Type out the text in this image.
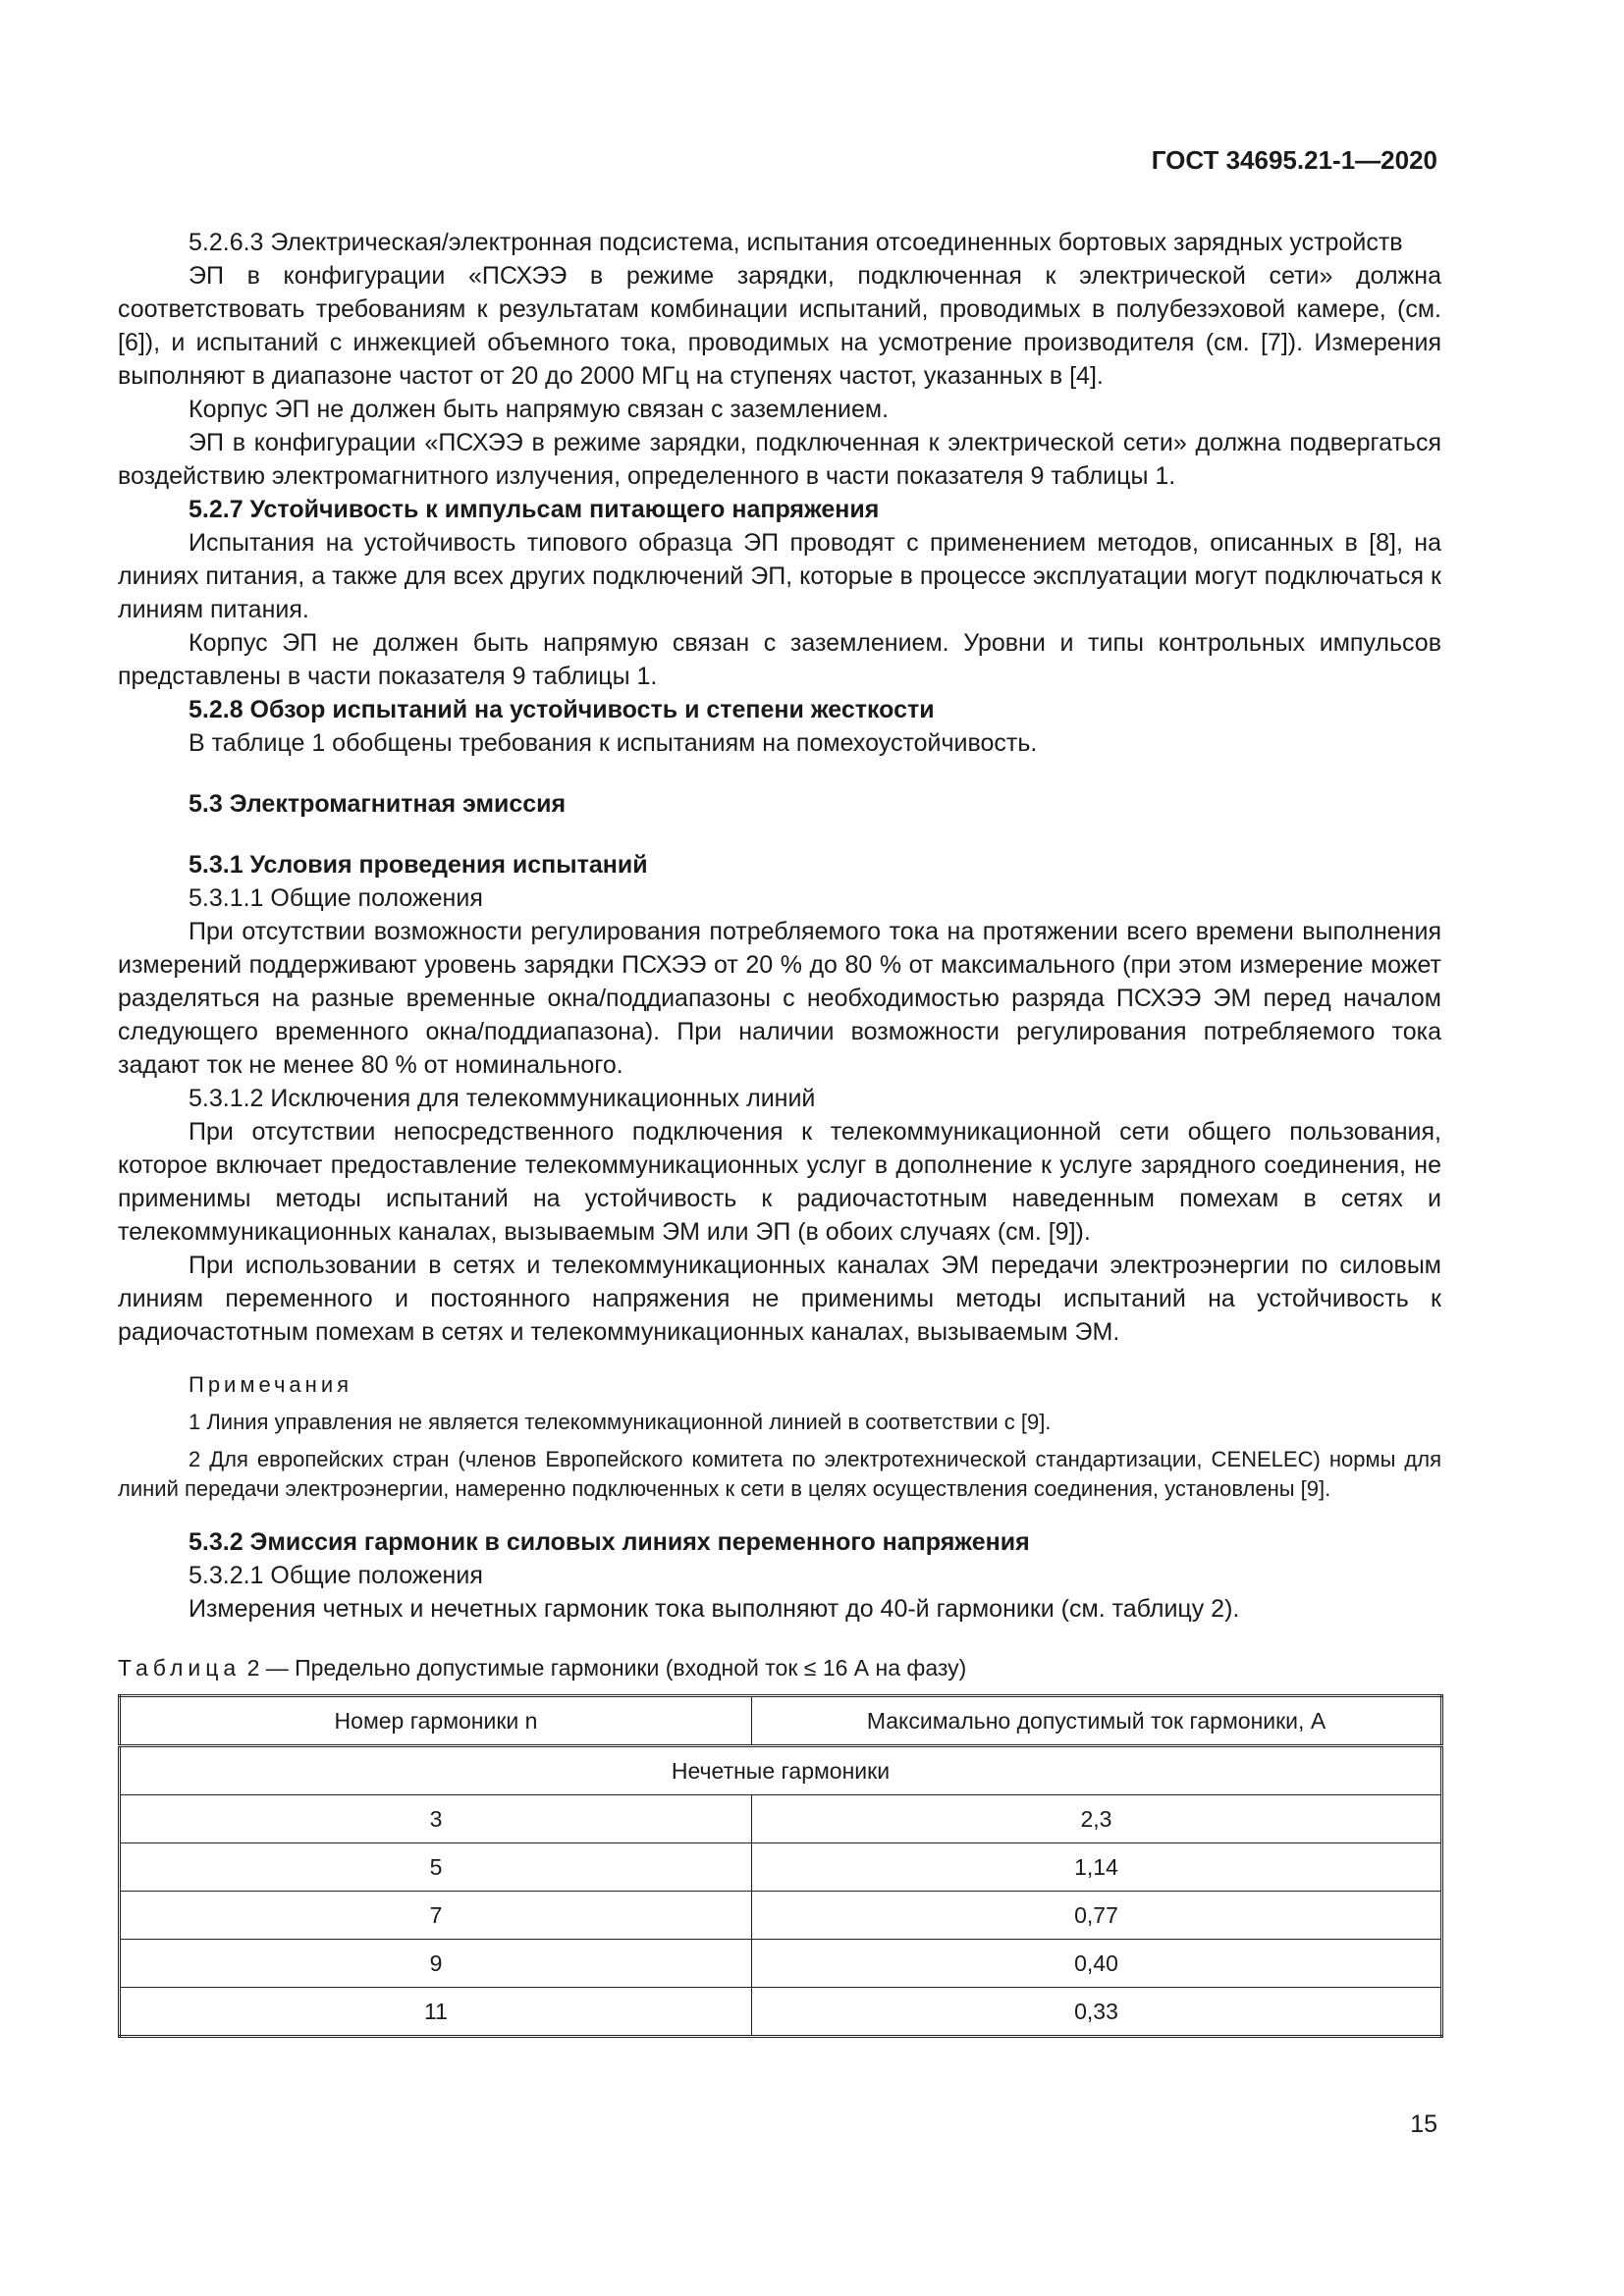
ГОСТ 34695.21-1—2020

5.2.6.3 Электрическая/электронная подсистема, испытания отсоединенных бортовых зарядных устройств

ЭП в конфигурации «ПСХЭЭ в режиме зарядки, подключенная к электрической сети» должна соответствовать требованиям к результатам комбинации испытаний, проводимых в полубезэховой камере, (см. [6]), и испытаний с инжекцией объемного тока, проводимых на усмотрение производителя (см. [7]). Измерения выполняют в диапазоне частот от 20 до 2000 МГц на ступенях частот, указанных в [4].

Корпус ЭП не должен быть напрямую связан с заземлением.

ЭП в конфигурации «ПСХЭЭ в режиме зарядки, подключенная к электрической сети» должна подвергаться воздействию электромагнитного излучения, определенного в части показателя 9 таблицы 1.

5.2.7 Устойчивость к импульсам питающего напряжения

Испытания на устойчивость типового образца ЭП проводят с применением методов, описанных в [8], на линиях питания, а также для всех других подключений ЭП, которые в процессе эксплуатации могут подключаться к линиям питания.

Корпус ЭП не должен быть напрямую связан с заземлением. Уровни и типы контрольных импульсов представлены в части показателя 9 таблицы 1.

5.2.8 Обзор испытаний на устойчивость и степени жесткости

В таблице 1 обобщены требования к испытаниям на помехоустойчивость.

5.3 Электромагнитная эмиссия

5.3.1 Условия проведения испытаний

5.3.1.1 Общие положения

При отсутствии возможности регулирования потребляемого тока на протяжении всего времени выполнения измерений поддерживают уровень зарядки ПСХЭЭ от 20 % до 80 % от максимального (при этом измерение может разделяться на разные временные окна/поддиапазоны с необходимостью разряда ПСХЭЭ ЭМ перед началом следующего временного окна/поддиапазона). При наличии возможности регулирования потребляемого тока задают ток не менее 80 % от номинального.

5.3.1.2 Исключения для телекоммуникационных линий

При отсутствии непосредственного подключения к телекоммуникационной сети общего пользования, которое включает предоставление телекоммуникационных услуг в дополнение к услуге зарядного соединения, не применимы методы испытаний на устойчивость к радиочастотным наведенным помехам в сетях и телекоммуникационных каналах, вызываемым ЭМ или ЭП (в обоих случаях (см. [9]).

При использовании в сетях и телекоммуникационных каналах ЭМ передачи электроэнергии по силовым линиям переменного и постоянного напряжения не применимы методы испытаний на устойчивость к радиочастотным помехам в сетях и телекоммуникационных каналах, вызываемым ЭМ.

Примечания

1 Линия управления не является телекоммуникационной линией в соответствии с [9].

2 Для европейских стран (членов Европейского комитета по электротехнической стандартизации, CENELEC) нормы для линий передачи электроэнергии, намеренно подключенных к сети в целях осуществления соединения, установлены [9].

5.3.2 Эмиссия гармоник в силовых линиях переменного напряжения

5.3.2.1 Общие положения

Измерения четных и нечетных гармоник тока выполняют до 40-й гармоники (см. таблицу 2).

Таблица 2 — Предельно допустимые гармоники (входной ток ≤ 16 А на фазу)
Номер гармоники n	Максимально допустимый ток гармоники, А
Нечетные гармоники	
3	2,3
5	1,14
7	0,77
9	0,40
11	0,33
15
